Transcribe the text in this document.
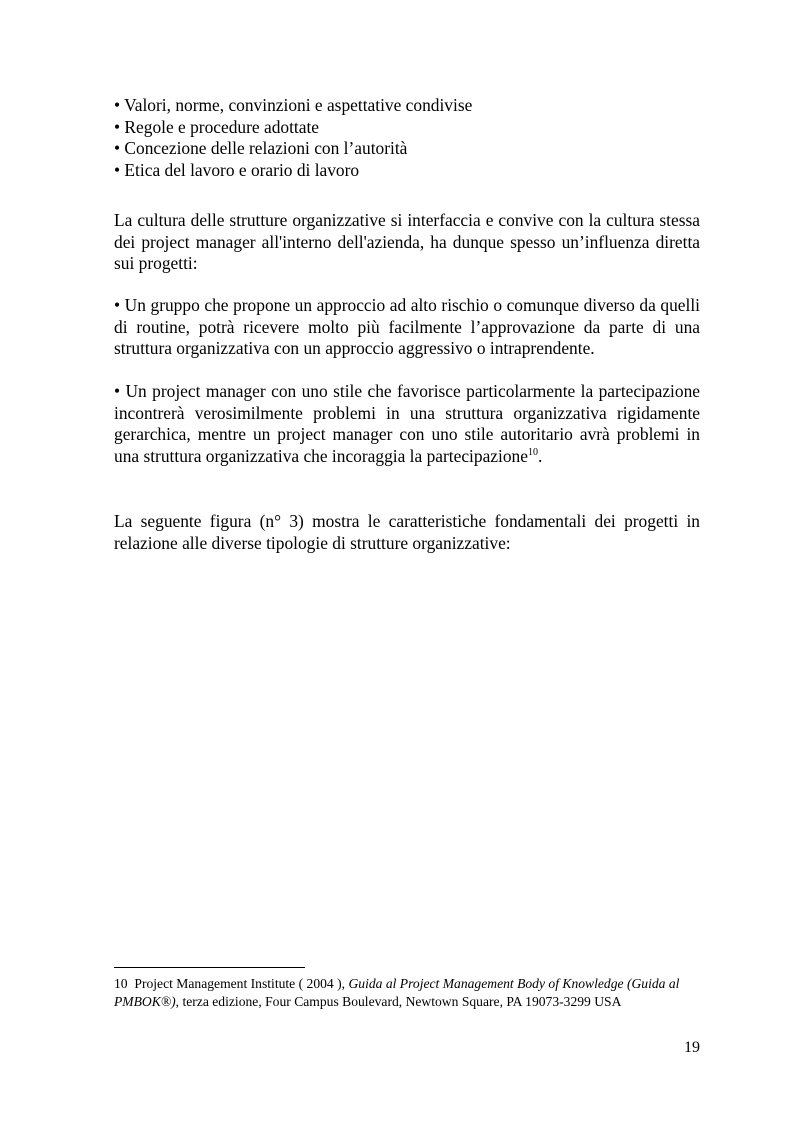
• Valori, norme, convinzioni e aspettative condivise
• Regole e procedure adottate
• Concezione delle relazioni con l’autorità
• Etica del lavoro e orario di lavoro

La cultura delle strutture organizzative si interfaccia e convive con la cultura stessa dei project manager all'interno dell'azienda, ha dunque spesso un’influenza diretta sui progetti:

• Un gruppo che propone un approccio ad alto rischio o comunque diverso da quelli di routine, potrà ricevere molto più facilmente l’approvazione da parte di una struttura organizzativa con un approccio aggressivo o intraprendente.

• Un project manager con uno stile che favorisce particolarmente la partecipazione incontrerà verosimilmente problemi in una struttura organizzativa rigidamente gerarchica, mentre un project manager con uno stile autoritario avrà problemi in una struttura organizzativa che incoraggia la partecipazione$^{10}$.

La seguente figura (n° 3) mostra le caratteristiche fondamentali dei progetti in relazione alle diverse tipologie di strutture organizzative:

10 Project Management Institute ( 2004 ), Guida al Project Management Body of Knowledge (Guida al PMBOK®), terza edizione, Four Campus Boulevard, Newtown Square, PA 19073-3299 USA

19
